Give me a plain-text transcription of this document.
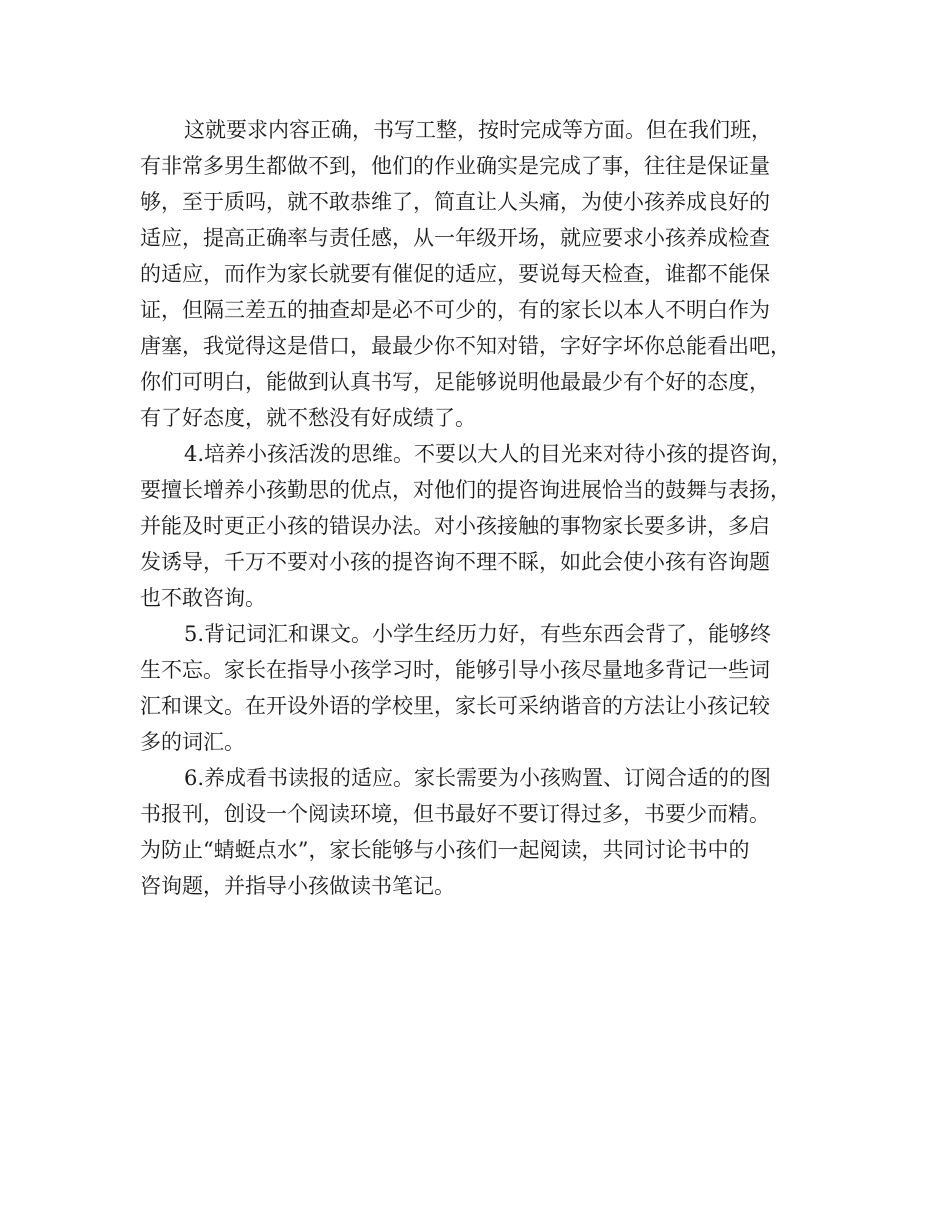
这就要求内容正确，书写工整，按时完成等方面。但在我们班，
有非常多男生都做不到，他们的作业确实是完成了事，往往是保证量
够，至于质吗，就不敢恭维了，简直让人头痛，为使小孩养成良好的
适应，提高正确率与责任感，从一年级开场，就应要求小孩养成检查
的适应，而作为家长就要有催促的适应，要说每天检查，谁都不能保
证，但隔三差五的抽查却是必不可少的，有的家长以本人不明白作为
唐塞，我觉得这是借口，最最少你不知对错，字好字坏你总能看出吧，
你们可明白，能做到认真书写，足能够说明他最最少有个好的态度，
有了好态度，就不愁没有好成绩了。
4.培养小孩活泼的思维。不要以大人的目光来对待小孩的提咨询，
要擅长增养小孩勤思的优点，对他们的提咨询进展恰当的鼓舞与表扬，
并能及时更正小孩的错误办法。对小孩接触的事物家长要多讲，多启
发诱导，千万不要对小孩的提咨询不理不睬，如此会使小孩有咨询题
也不敢咨询。
5.背记词汇和课文。小学生经历力好，有些东西会背了，能够终
生不忘。家长在指导小孩学习时，能够引导小孩尽量地多背记一些词
汇和课文。在开设外语的学校里，家长可采纳谐音的方法让小孩记较
多的词汇。
6.养成看书读报的适应。家长需要为小孩购置、订阅合适的的图
书报刊，创设一个阅读环境，但书最好不要订得过多，书要少而精。
为防止“蜻蜓点水”，家长能够与小孩们一起阅读，共同讨论书中的
咨询题，并指导小孩做读书笔记。
